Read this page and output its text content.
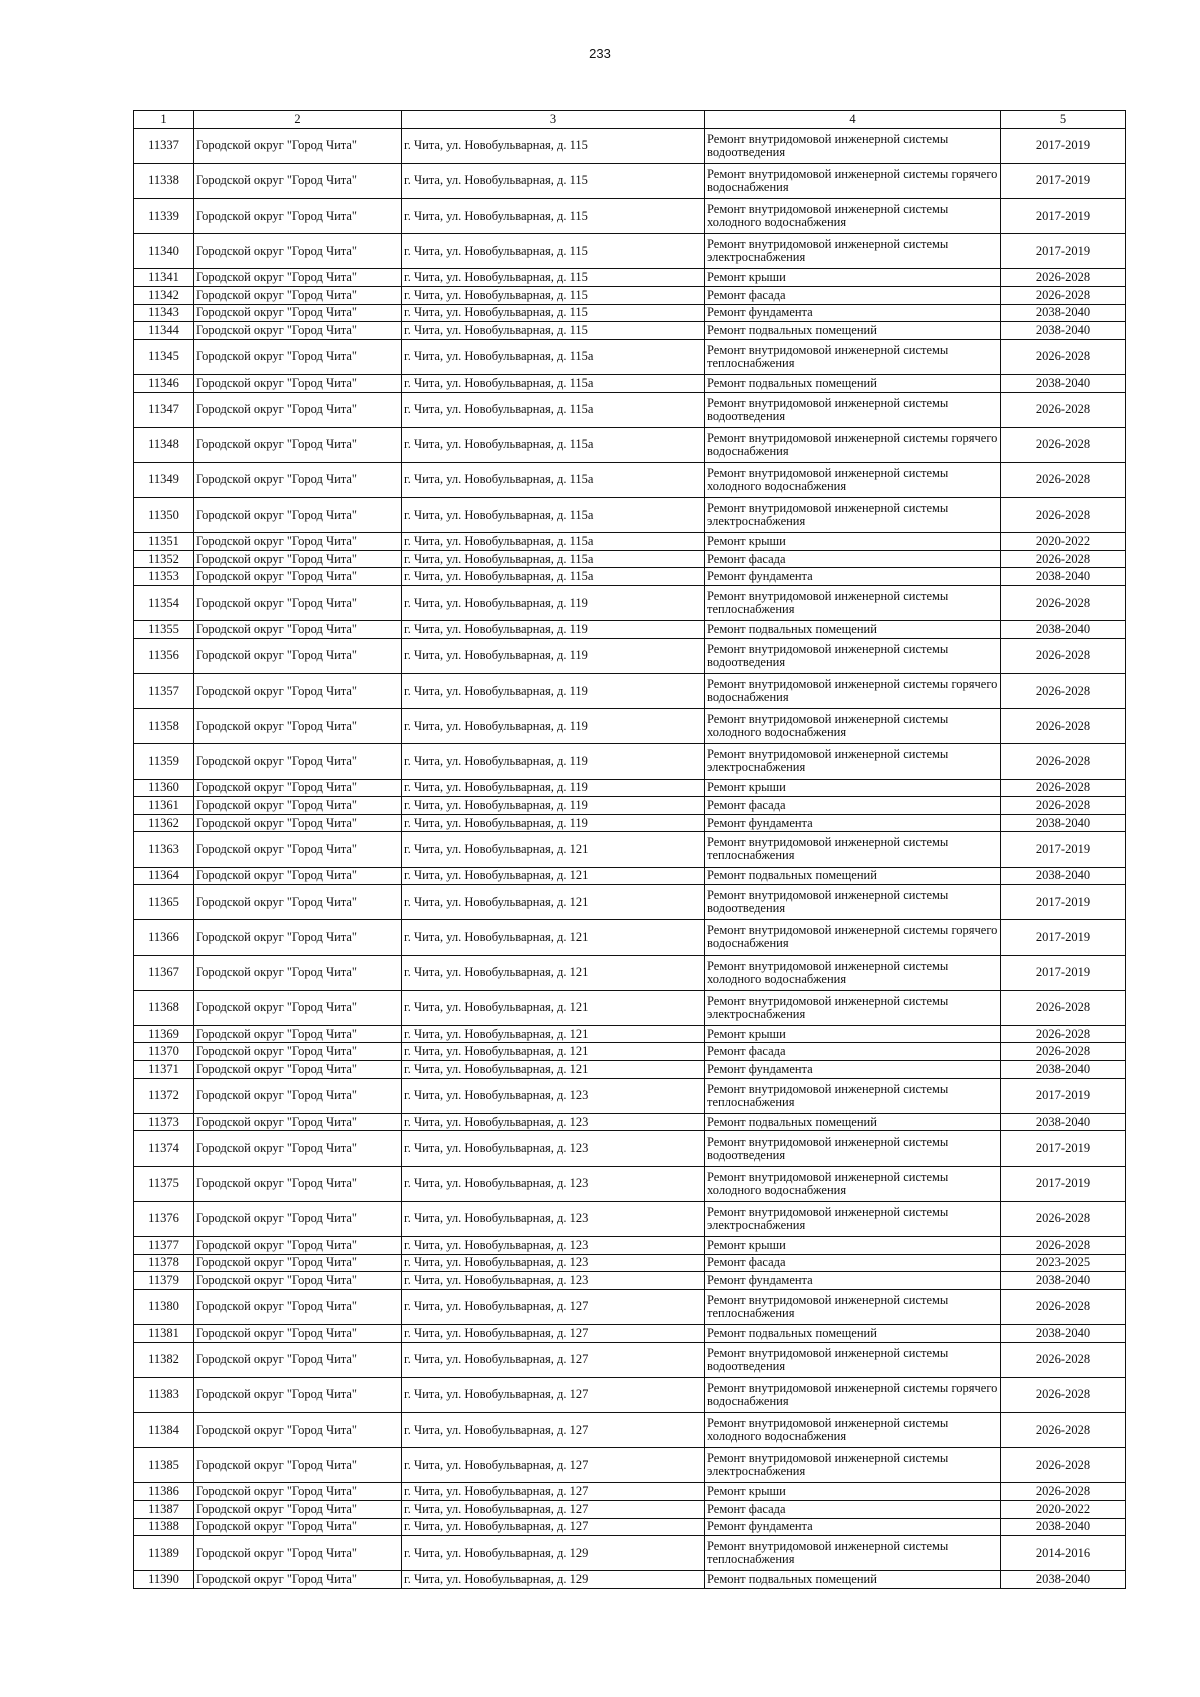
233
1	2	3	4	5
11337	Городской округ "Город Чита"	г. Чита, ул. Новобульварная, д. 115	Ремонт внутридомовой инженерной системы водоотведения	2017-2019
11338	Городской округ "Город Чита"	г. Чита, ул. Новобульварная, д. 115	Ремонт внутридомовой инженерной системы горячего водоснабжения	2017-2019
11339	Городской округ "Город Чита"	г. Чита, ул. Новобульварная, д. 115	Ремонт внутридомовой инженерной системы холодного водоснабжения	2017-2019
11340	Городской округ "Город Чита"	г. Чита, ул. Новобульварная, д. 115	Ремонт внутридомовой инженерной системы электроснабжения	2017-2019
11341	Городской округ "Город Чита"	г. Чита, ул. Новобульварная, д. 115	Ремонт крыши	2026-2028
11342	Городской округ "Город Чита"	г. Чита, ул. Новобульварная, д. 115	Ремонт фасада	2026-2028
11343	Городской округ "Город Чита"	г. Чита, ул. Новобульварная, д. 115	Ремонт фундамента	2038-2040
11344	Городской округ "Город Чита"	г. Чита, ул. Новобульварная, д. 115	Ремонт подвальных помещений	2038-2040
11345	Городской округ "Город Чита"	г. Чита, ул. Новобульварная, д. 115а	Ремонт внутридомовой инженерной системы теплоснабжения	2026-2028
11346	Городской округ "Город Чита"	г. Чита, ул. Новобульварная, д. 115а	Ремонт подвальных помещений	2038-2040
11347	Городской округ "Город Чита"	г. Чита, ул. Новобульварная, д. 115а	Ремонт внутридомовой инженерной системы водоотведения	2026-2028
11348	Городской округ "Город Чита"	г. Чита, ул. Новобульварная, д. 115а	Ремонт внутридомовой инженерной системы горячего водоснабжения	2026-2028
11349	Городской округ "Город Чита"	г. Чита, ул. Новобульварная, д. 115а	Ремонт внутридомовой инженерной системы холодного водоснабжения	2026-2028
11350	Городской округ "Город Чита"	г. Чита, ул. Новобульварная, д. 115а	Ремонт внутридомовой инженерной системы электроснабжения	2026-2028
11351	Городской округ "Город Чита"	г. Чита, ул. Новобульварная, д. 115а	Ремонт крыши	2020-2022
11352	Городской округ "Город Чита"	г. Чита, ул. Новобульварная, д. 115а	Ремонт фасада	2026-2028
11353	Городской округ "Город Чита"	г. Чита, ул. Новобульварная, д. 115а	Ремонт фундамента	2038-2040
11354	Городской округ "Город Чита"	г. Чита, ул. Новобульварная, д. 119	Ремонт внутридомовой инженерной системы теплоснабжения	2026-2028
11355	Городской округ "Город Чита"	г. Чита, ул. Новобульварная, д. 119	Ремонт подвальных помещений	2038-2040
11356	Городской округ "Город Чита"	г. Чита, ул. Новобульварная, д. 119	Ремонт внутридомовой инженерной системы водоотведения	2026-2028
11357	Городской округ "Город Чита"	г. Чита, ул. Новобульварная, д. 119	Ремонт внутридомовой инженерной системы горячего водоснабжения	2026-2028
11358	Городской округ "Город Чита"	г. Чита, ул. Новобульварная, д. 119	Ремонт внутридомовой инженерной системы холодного водоснабжения	2026-2028
11359	Городской округ "Город Чита"	г. Чита, ул. Новобульварная, д. 119	Ремонт внутридомовой инженерной системы электроснабжения	2026-2028
11360	Городской округ "Город Чита"	г. Чита, ул. Новобульварная, д. 119	Ремонт крыши	2026-2028
11361	Городской округ "Город Чита"	г. Чита, ул. Новобульварная, д. 119	Ремонт фасада	2026-2028
11362	Городской округ "Город Чита"	г. Чита, ул. Новобульварная, д. 119	Ремонт фундамента	2038-2040
11363	Городской округ "Город Чита"	г. Чита, ул. Новобульварная, д. 121	Ремонт внутридомовой инженерной системы теплоснабжения	2017-2019
11364	Городской округ "Город Чита"	г. Чита, ул. Новобульварная, д. 121	Ремонт подвальных помещений	2038-2040
11365	Городской округ "Город Чита"	г. Чита, ул. Новобульварная, д. 121	Ремонт внутридомовой инженерной системы водоотведения	2017-2019
11366	Городской округ "Город Чита"	г. Чита, ул. Новобульварная, д. 121	Ремонт внутридомовой инженерной системы горячего водоснабжения	2017-2019
11367	Городской округ "Город Чита"	г. Чита, ул. Новобульварная, д. 121	Ремонт внутридомовой инженерной системы холодного водоснабжения	2017-2019
11368	Городской округ "Город Чита"	г. Чита, ул. Новобульварная, д. 121	Ремонт внутридомовой инженерной системы электроснабжения	2026-2028
11369	Городской округ "Город Чита"	г. Чита, ул. Новобульварная, д. 121	Ремонт крыши	2026-2028
11370	Городской округ "Город Чита"	г. Чита, ул. Новобульварная, д. 121	Ремонт фасада	2026-2028
11371	Городской округ "Город Чита"	г. Чита, ул. Новобульварная, д. 121	Ремонт фундамента	2038-2040
11372	Городской округ "Город Чита"	г. Чита, ул. Новобульварная, д. 123	Ремонт внутридомовой инженерной системы теплоснабжения	2017-2019
11373	Городской округ "Город Чита"	г. Чита, ул. Новобульварная, д. 123	Ремонт подвальных помещений	2038-2040
11374	Городской округ "Город Чита"	г. Чита, ул. Новобульварная, д. 123	Ремонт внутридомовой инженерной системы водоотведения	2017-2019
11375	Городской округ "Город Чита"	г. Чита, ул. Новобульварная, д. 123	Ремонт внутридомовой инженерной системы холодного водоснабжения	2017-2019
11376	Городской округ "Город Чита"	г. Чита, ул. Новобульварная, д. 123	Ремонт внутридомовой инженерной системы электроснабжения	2026-2028
11377	Городской округ "Город Чита"	г. Чита, ул. Новобульварная, д. 123	Ремонт крыши	2026-2028
11378	Городской округ "Город Чита"	г. Чита, ул. Новобульварная, д. 123	Ремонт фасада	2023-2025
11379	Городской округ "Город Чита"	г. Чита, ул. Новобульварная, д. 123	Ремонт фундамента	2038-2040
11380	Городской округ "Город Чита"	г. Чита, ул. Новобульварная, д. 127	Ремонт внутридомовой инженерной системы теплоснабжения	2026-2028
11381	Городской округ "Город Чита"	г. Чита, ул. Новобульварная, д. 127	Ремонт подвальных помещений	2038-2040
11382	Городской округ "Город Чита"	г. Чита, ул. Новобульварная, д. 127	Ремонт внутридомовой инженерной системы водоотведения	2026-2028
11383	Городской округ "Город Чита"	г. Чита, ул. Новобульварная, д. 127	Ремонт внутридомовой инженерной системы горячего водоснабжения	2026-2028
11384	Городской округ "Город Чита"	г. Чита, ул. Новобульварная, д. 127	Ремонт внутридомовой инженерной системы холодного водоснабжения	2026-2028
11385	Городской округ "Город Чита"	г. Чита, ул. Новобульварная, д. 127	Ремонт внутридомовой инженерной системы электроснабжения	2026-2028
11386	Городской округ "Город Чита"	г. Чита, ул. Новобульварная, д. 127	Ремонт крыши	2026-2028
11387	Городской округ "Город Чита"	г. Чита, ул. Новобульварная, д. 127	Ремонт фасада	2020-2022
11388	Городской округ "Город Чита"	г. Чита, ул. Новобульварная, д. 127	Ремонт фундамента	2038-2040
11389	Городской округ "Город Чита"	г. Чита, ул. Новобульварная, д. 129	Ремонт внутридомовой инженерной системы теплоснабжения	2014-2016
11390	Городской округ "Город Чита"	г. Чита, ул. Новобульварная, д. 129	Ремонт подвальных помещений	2038-2040
